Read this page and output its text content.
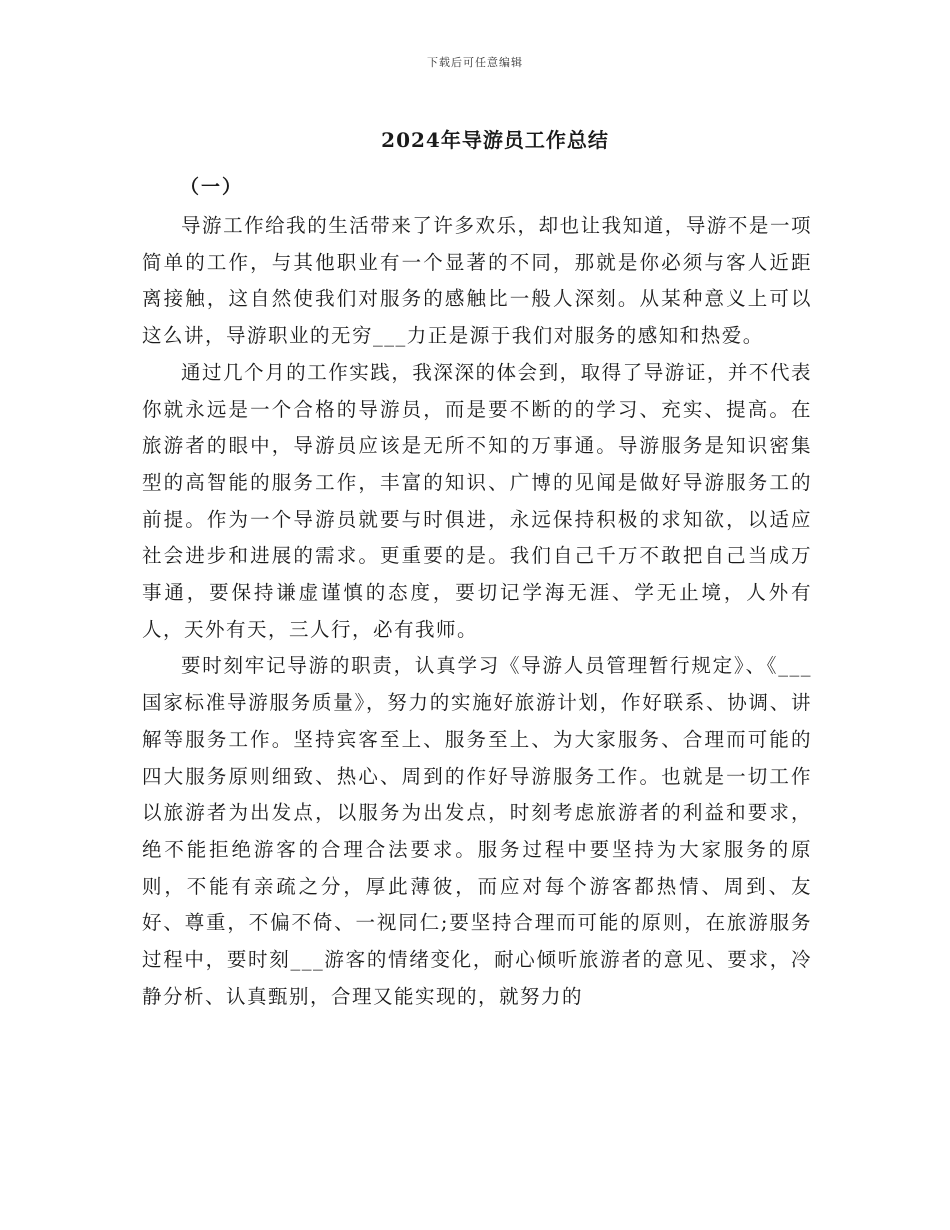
下载后可任意编辑
2024年导游员工作总结
（一）

导游工作给我的生活带来了许多欢乐，却也让我知道，导游不是一项简单的工作，与其他职业有一个显著的不同，那就是你必须与客人近距离接触，这自然使我们对服务的感触比一般人深刻。从某种意义上可以这么讲，导游职业的无穷___力正是源于我们对服务的感知和热爱。

通过几个月的工作实践，我深深的体会到，取得了导游证，并不代表你就永远是一个合格的导游员，而是要不断的的学习、充实、提高。在旅游者的眼中，导游员应该是无所不知的万事通。导游服务是知识密集型的高智能的服务工作，丰富的知识、广博的见闻是做好导游服务工的前提。作为一个导游员就要与时俱进，永远保持积极的求知欲，以适应社会进步和进展的需求。更重要的是。我们自己千万不敢把自己当成万事通，要保持谦虚谨慎的态度，要切记学海无涯、学无止境，人外有人，天外有天，三人行，必有我师。

要时刻牢记导游的职责，认真学习《导游人员管理暂行规定》、《___国家标准导游服务质量》，努力的实施好旅游计划，作好联系、协调、讲解等服务工作。坚持宾客至上、服务至上、为大家服务、合理而可能的四大服务原则细致、热心、周到的作好导游服务工作。也就是一切工作以旅游者为出发点，以服务为出发点，时刻考虑旅游者的利益和要求，绝不能拒绝游客的合理合法要求。服务过程中要坚持为大家服务的原则，不能有亲疏之分，厚此薄彼，而应对每个游客都热情、周到、友好、尊重，不偏不倚、一视同仁;要坚持合理而可能的原则，在旅游服务过程中，要时刻___游客的情绪变化，耐心倾听旅游者的意见、要求，冷静分析、认真甄别，合理又能实现的，就努力的
